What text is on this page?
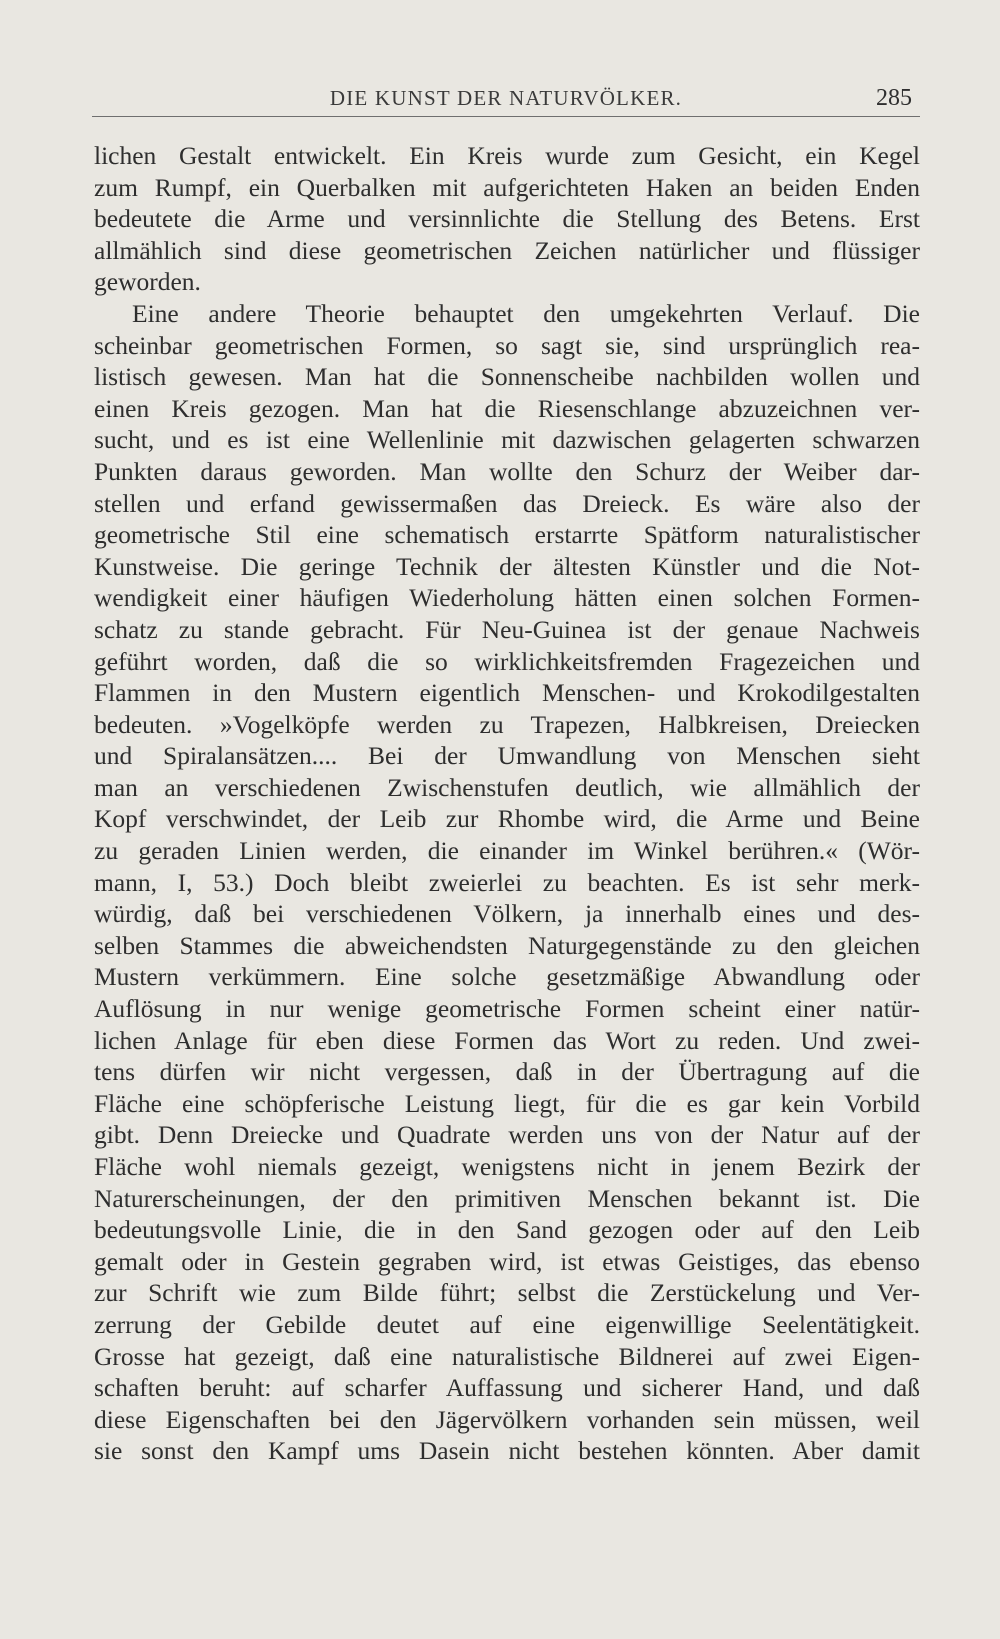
DIE KUNST DER NATURVÖLKER.	285
lichen Gestalt entwickelt. Ein Kreis wurde zum Gesicht, ein Kegel
zum Rumpf, ein Querbalken mit aufgerichteten Haken an beiden Enden
bedeutete die Arme und versinnlichte die Stellung des Betens. Erst
allmählich sind diese geometrischen Zeichen natürlicher und flüssiger
geworden.
Eine andere Theorie behauptet den umgekehrten Verlauf. Die
scheinbar geometrischen Formen, so sagt sie, sind ursprünglich rea-
listisch gewesen. Man hat die Sonnenscheibe nachbilden wollen und
einen Kreis gezogen. Man hat die Riesenschlange abzuzeichnen ver-
sucht, und es ist eine Wellenlinie mit dazwischen gelagerten schwarzen
Punkten daraus geworden. Man wollte den Schurz der Weiber dar-
stellen und erfand gewissermaßen das Dreieck. Es wäre also der
geometrische Stil eine schematisch erstarrte Spätform naturalistischer
Kunstweise. Die geringe Technik der ältesten Künstler und die Not-
wendigkeit einer häufigen Wiederholung hätten einen solchen Formen-
schatz zu stande gebracht. Für Neu-Guinea ist der genaue Nachweis
geführt worden, daß die so wirklichkeitsfremden Fragezeichen und
Flammen in den Mustern eigentlich Menschen- und Krokodilgestalten
bedeuten. »Vogelköpfe werden zu Trapezen, Halbkreisen, Dreiecken
und Spiralansätzen.... Bei der Umwandlung von Menschen sieht
man an verschiedenen Zwischenstufen deutlich, wie allmählich der
Kopf verschwindet, der Leib zur Rhombe wird, die Arme und Beine
zu geraden Linien werden, die einander im Winkel berühren.« (Wör-
mann, I, 53.) Doch bleibt zweierlei zu beachten. Es ist sehr merk-
würdig, daß bei verschiedenen Völkern, ja innerhalb eines und des-
selben Stammes die abweichendsten Naturgegenstände zu den gleichen
Mustern verkümmern. Eine solche gesetzmäßige Abwandlung oder
Auflösung in nur wenige geometrische Formen scheint einer natür-
lichen Anlage für eben diese Formen das Wort zu reden. Und zwei-
tens dürfen wir nicht vergessen, daß in der Übertragung auf die
Fläche eine schöpferische Leistung liegt, für die es gar kein Vorbild
gibt. Denn Dreiecke und Quadrate werden uns von der Natur auf der
Fläche wohl niemals gezeigt, wenigstens nicht in jenem Bezirk der
Naturerscheinungen, der den primitiven Menschen bekannt ist. Die
bedeutungsvolle Linie, die in den Sand gezogen oder auf den Leib
gemalt oder in Gestein gegraben wird, ist etwas Geistiges, das ebenso
zur Schrift wie zum Bilde führt; selbst die Zerstückelung und Ver-
zerrung der Gebilde deutet auf eine eigenwillige Seelentätigkeit.
Grosse hat gezeigt, daß eine naturalistische Bildnerei auf zwei Eigen-
schaften beruht: auf scharfer Auffassung und sicherer Hand, und daß
diese Eigenschaften bei den Jägervölkern vorhanden sein müssen, weil
sie sonst den Kampf ums Dasein nicht bestehen könnten. Aber damit
